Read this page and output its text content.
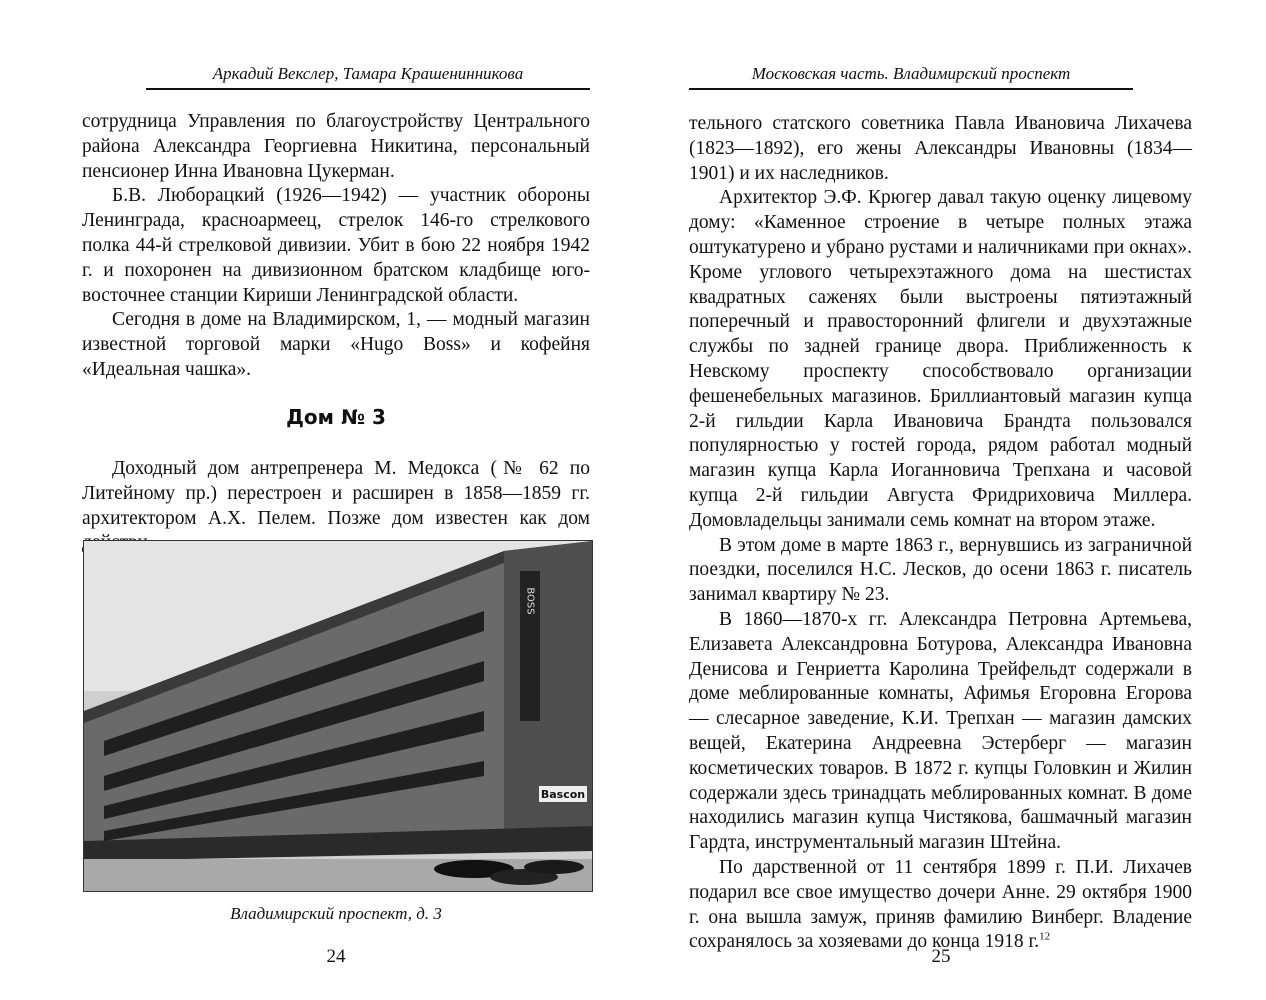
Аркадий Векслер, Тамара Крашенинникова

сотрудница Управления по благоустройству Центрального района Александра Георгиевна Никитина, персональный пенсионер Инна Ивановна Цукерман.

Б.В. Люборацкий (1926—1942) — участник обороны Ленинграда, красноармеец, стрелок 146-го стрелкового полка 44-й стрелковой дивизии. Убит в бою 22 ноября 1942 г. и похоронен на дивизионном братском кладбище юго-восточнее станции Кириши Ленинградской области.

Сегодня в доме на Владимирском, 1, — модный магазин известной торговой марки «Hugo Boss» и кофейня «Идеальная чашка».

Дом № 3

Доходный дом антрепренера М. Медокса (№ 62 по Литейному пр.) перестроен и расширен в 1858—1859 гг. архитектором А.Х. Пелем. Позже дом известен как дом

BOSS
Bascon
Владимирский проспект, д. 3
24
Московская часть. Владимирский проспект

тельного статского советника Павла Ивановича Лихачева (1823—1892), его жены Александры Ивановны (1834—1901) и их наследников.

Архитектор Э.Ф. Крюгер давал такую оценку лицевому дому: «Каменное строение в четыре полных этажа оштукатурено и убрано рустами и наличниками при окнах». Кроме углового четырехэтажного дома на шестистах квадратных саженях были выстроены пятиэтажный поперечный и правосторонний флигели и двухэтажные службы по задней границе двора. Приближенность к Невскому проспекту способствовало организации фешенебельных магазинов. Бриллиантовый магазин купца 2-й гильдии Карла Ивановича Брандта пользовался популярностью у гостей города, рядом работал модный магазин купца Карла Иоганновича Трепхана и часовой купца 2-й гильдии Августа Фридриховича Миллера. Домовладельцы занимали семь комнат на втором этаже.

В этом доме в марте 1863 г., вернувшись из заграничной поездки, поселился Н.С. Лесков, до осени 1863 г. писатель занимал квартиру № 23.

В 1860—1870-х гг. Александра Петровна Артемьева, Елизавета Александровна Ботурова, Александра Ивановна Денисова и Генриетта Каролина Трейфельдт содержали в доме меблированные комнаты, Афимья Егоровна Егорова — слесарное заведение, К.И. Трепхан — магазин дамских вещей, Екатерина Андреевна Эстерберг — магазин косметических товаров. В 1872 г. купцы Головкин и Жилин содержали здесь тринадцать меблированных комнат. В доме находились магазин купца Чистякова, башмачный магазин Гардта, инструментальный магазин Штейна.

По дарственной от 11 сентября 1899 г. П.И. Лихачев подарил все свое имущество дочери Анне. 29 октября 1900 г. она вышла замуж, приняв фамилию Винберг. Владение сохранялось за хозяевами до конца 1918 г.$^{12}$

25
